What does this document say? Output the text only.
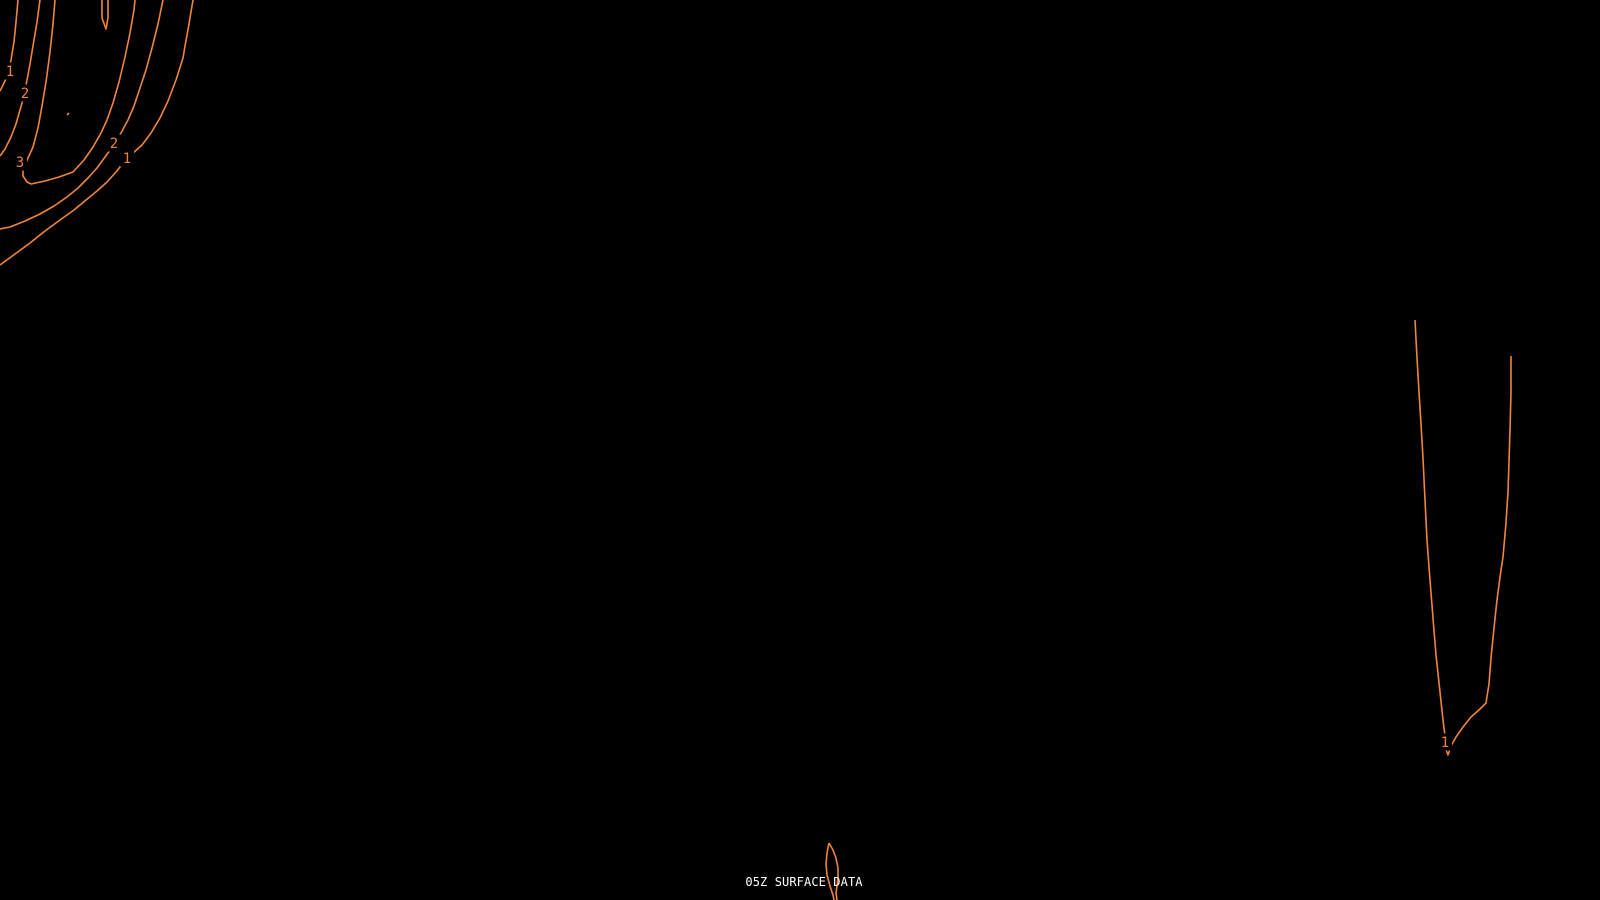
1
2
3
2
1
1
05Z SURFACE DATA
